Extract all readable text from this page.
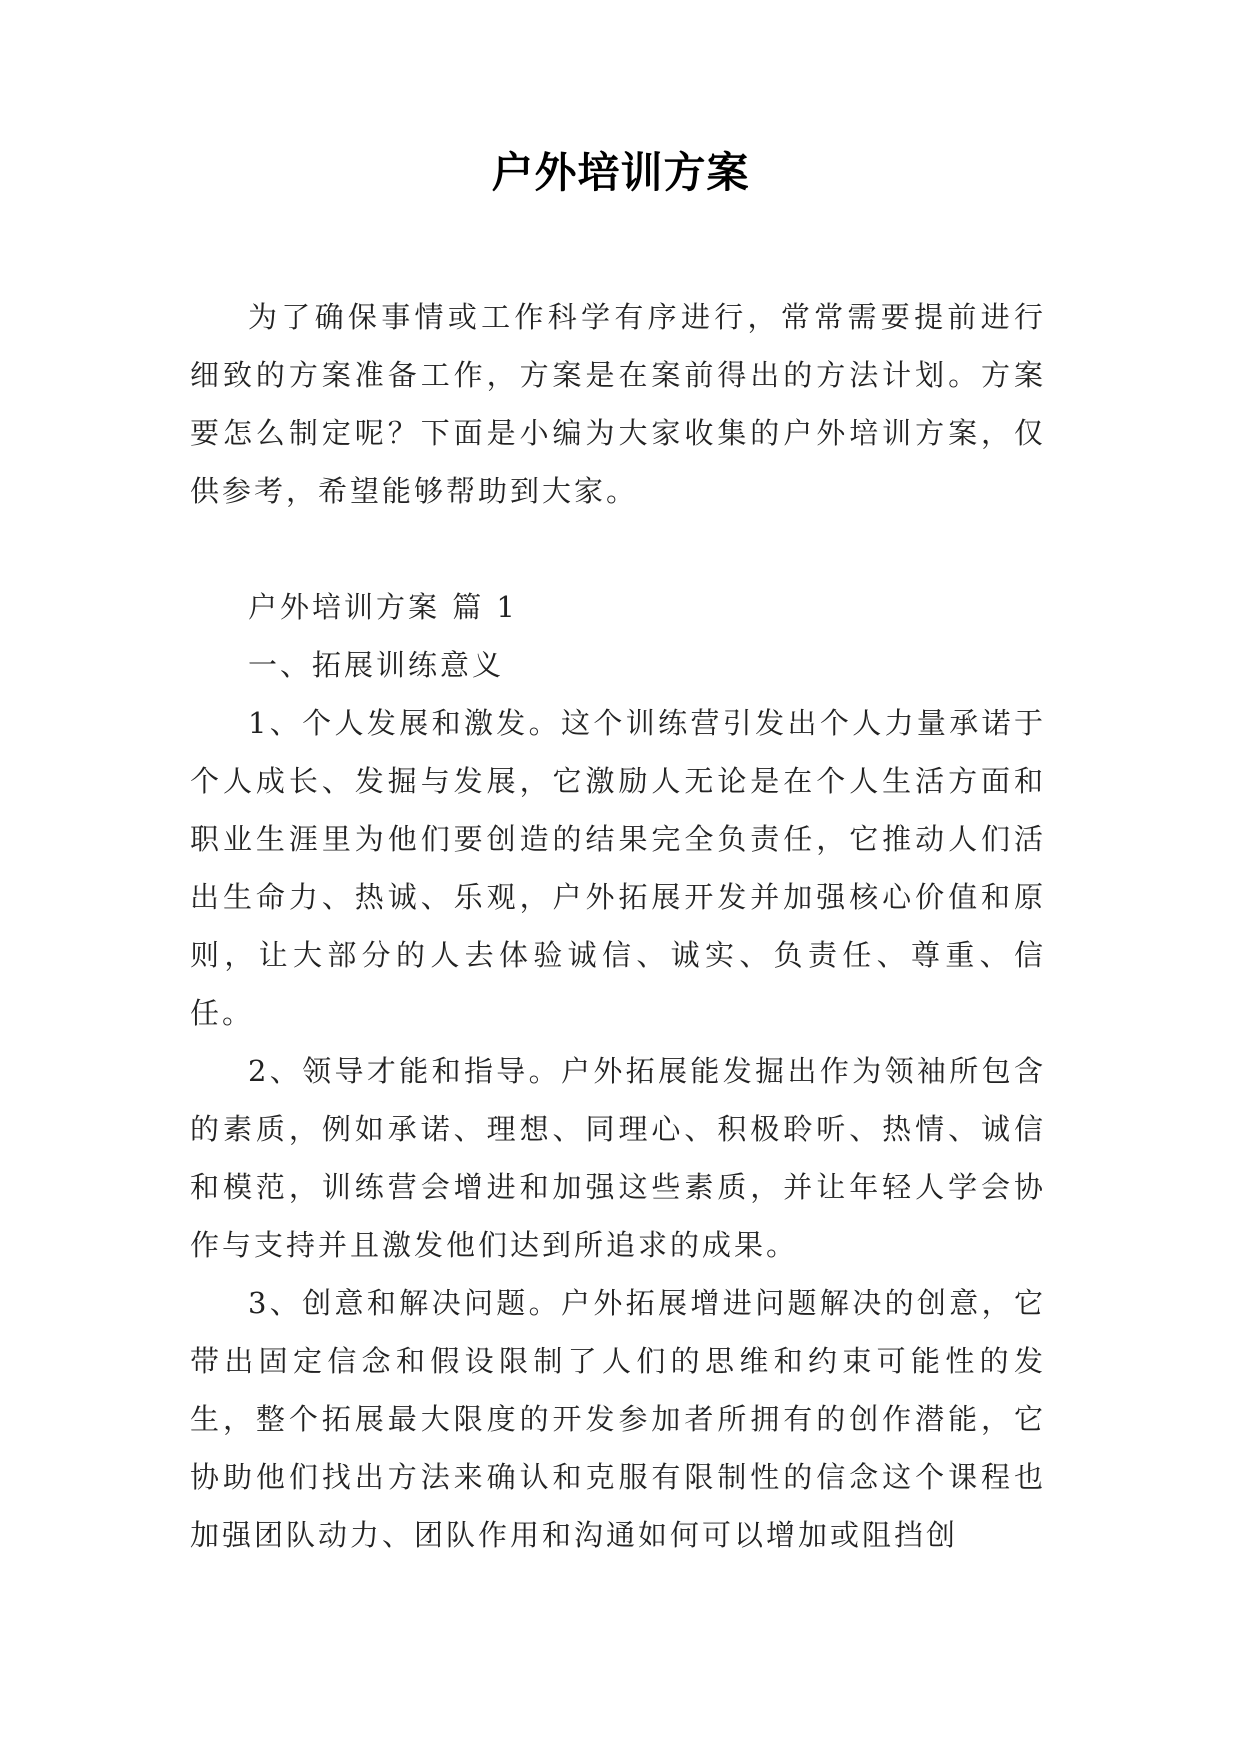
户外培训方案

为了确保事情或工作科学有序进行，常常需要提前进行细致的方案准备工作，方案是在案前得出的方法计划。方案要怎么制定呢？下面是小编为大家收集的户外培训方案，仅供参考，希望能够帮助到大家。

户外培训方案 篇 1

一、拓展训练意义

1、个人发展和激发。这个训练营引发出个人力量承诺于个人成长、发掘与发展，它激励人无论是在个人生活方面和职业生涯里为他们要创造的结果完全负责任，它推动人们活出生命力、热诚、乐观，户外拓展开发并加强核心价值和原则，让大部分的人去体验诚信、诚实、负责任、尊重、信任。

2、领导才能和指导。户外拓展能发掘出作为领袖所包含的素质，例如承诺、理想、同理心、积极聆听、热情、诚信和模范，训练营会增进和加强这些素质，并让年轻人学会协作与支持并且激发他们达到所追求的成果。

3、创意和解决问题。户外拓展增进问题解决的创意，它带出固定信念和假设限制了人们的思维和约束可能性的发生，整个拓展最大限度的开发参加者所拥有的创作潜能，它协助他们找出方法来确认和克服有限制性的信念这个课程也加强团队动力、团队作用和沟通如何可以增加或阻挡创
